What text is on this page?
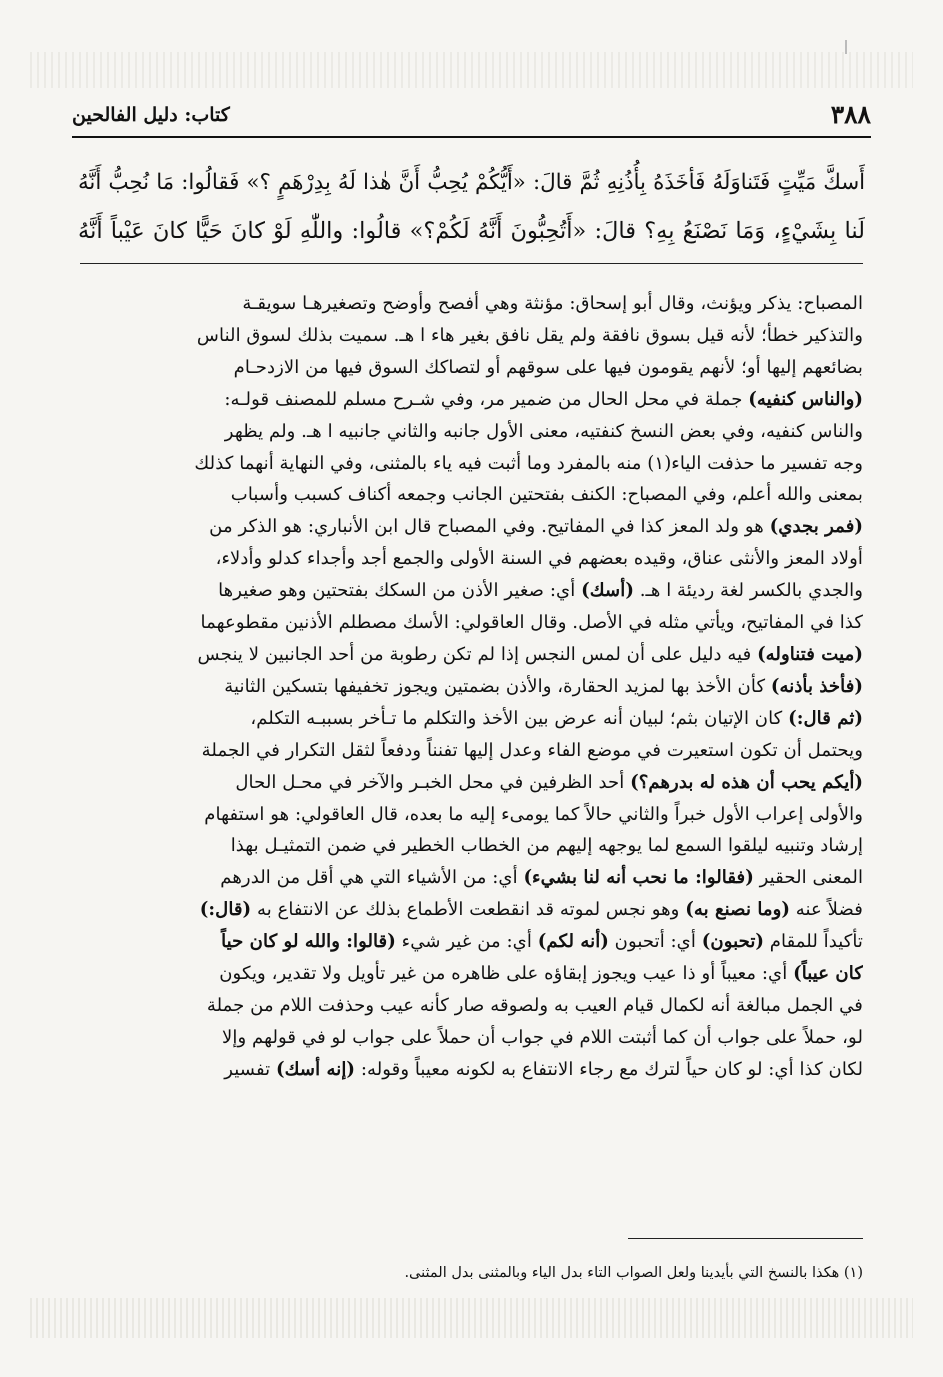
٣٨٨
كتاب: دليل الفالحين
أَسكَّ مَيِّتٍ فَتَناوَلَهُ فَأخَذَهُ بِأُذُنِهِ ثُمَّ قالَ: «أَيُّكُمْ يُحِبُّ أَنَّ هٰذا لَهُ بِدِرْهَمٍ ؟» فَقالُوا: مَا نُحِبُّ أَنَّهُ
لَنا بِشَيْءٍ، وَمَا نَصْنَعُ بِهِ؟ قالَ: «أَتُحِبُّونَ أَنَّهُ لَكُمْ؟» قالُوا: واللّٰهِ لَوْ كانَ حَيًّا كانَ عَيْباً أَنَّهُ
المصباح: يذكر ويؤنث، وقال أبو إسحاق: مؤنثة وهي أفصح وأوضح وتصغيرهـا سويقـة
والتذكير خطأ؛ لأنه قيل بسوق نافقة ولم يقل نافق بغير هاء ا هـ. سميت بذلك لسوق الناس
بضائعهم إليها أو؛ لأنهم يقومون فيها على سوقهم أو لتصاكك السوق فيها من الازدحـام
(والناس كنفيه) جملة في محل الحال من ضمير مر، وفي شـرح مسلم للمصنف قولـه:
والناس كنفيه، وفي بعض النسخ كنفتيه، معنى الأول جانبه والثاني جانبيه ا هـ. ولم يظهر
وجه تفسير ما حذفت الياء(١) منه بالمفرد وما أثبت فيه ياء بالمثنى، وفي النهاية أنهما كذلك
بمعنى والله أعلم، وفي المصباح: الكنف بفتحتين الجانب وجمعه أكناف كسبب وأسباب
(فمر بجدي) هو ولد المعز كذا في المفاتيح. وفي المصباح قال ابن الأنباري: هو الذكر من
أولاد المعز والأنثى عناق، وقيده بعضهم في السنة الأولى والجمع أجد وأجداء كدلو وأدلاء،
والجدي بالكسر لغة رديئة ا هـ. (أسك) أي: صغير الأذن من السكك بفتحتين وهو صغيرها
كذا في المفاتيح، ويأتي مثله في الأصل. وقال العاقولي: الأسك مصطلم الأذنين مقطوعهما
(ميت فتناوله) فيه دليل على أن لمس النجس إذا لم تكن رطوبة من أحد الجانبين لا ينجس
(فأخذ بأذنه) كأن الأخذ بها لمزيد الحقارة، والأذن بضمتين ويجوز تخفيفها بتسكين الثانية
(ثم قال:) كان الإتيان بثم؛ لبيان أنه عرض بين الأخذ والتكلم ما تـأخر بسببـه التكلم،
ويحتمل أن تكون استعيرت في موضع الفاء وعدل إليها تفنناً ودفعاً لثقل التكرار في الجملة
(أيكم يحب أن هذه له بدرهم؟) أحد الظرفين في محل الخبـر والآخر في محـل الحال
والأولى إعراب الأول خبراً والثاني حالاً كما يومىء إليه ما بعده، قال العاقولي: هو استفهام
إرشاد وتنبيه ليلقوا السمع لما يوجهه إليهم من الخطاب الخطير في ضمن التمثيـل بهذا
المعنى الحقير (فقالوا: ما نحب أنه لنا بشيء) أي: من الأشياء التي هي أقل من الدرهم
فضلاً عنه (وما نصنع به) وهو نجس لموته قد انقطعت الأطماع بذلك عن الانتفاع به (قال:)
تأكيداً للمقام (تحبون) أي: أتحبون (أنه لكم) أي: من غير شيء (قالوا: والله لو كان حياً
كان عيباً) أي: معيباً أو ذا عيب ويجوز إبقاؤه على ظاهره من غير تأويل ولا تقدير، ويكون
في الجمل مبالغة أنه لكمال قيام العيب به ولصوقه صار كأنه عيب وحذفت اللام من جملة
لو، حملاً على جواب أن كما أثبتت اللام في جواب أن حملاً على جواب لو في قولهم وإلا
لكان كذا أي: لو كان حياً لترك مع رجاء الانتفاع به لكونه معيباً وقوله: (إنه أسك) تفسير
(١) هكذا بالنسخ التي بأيدينا ولعل الصواب التاء بدل الياء وبالمثنى بدل المثنى.
